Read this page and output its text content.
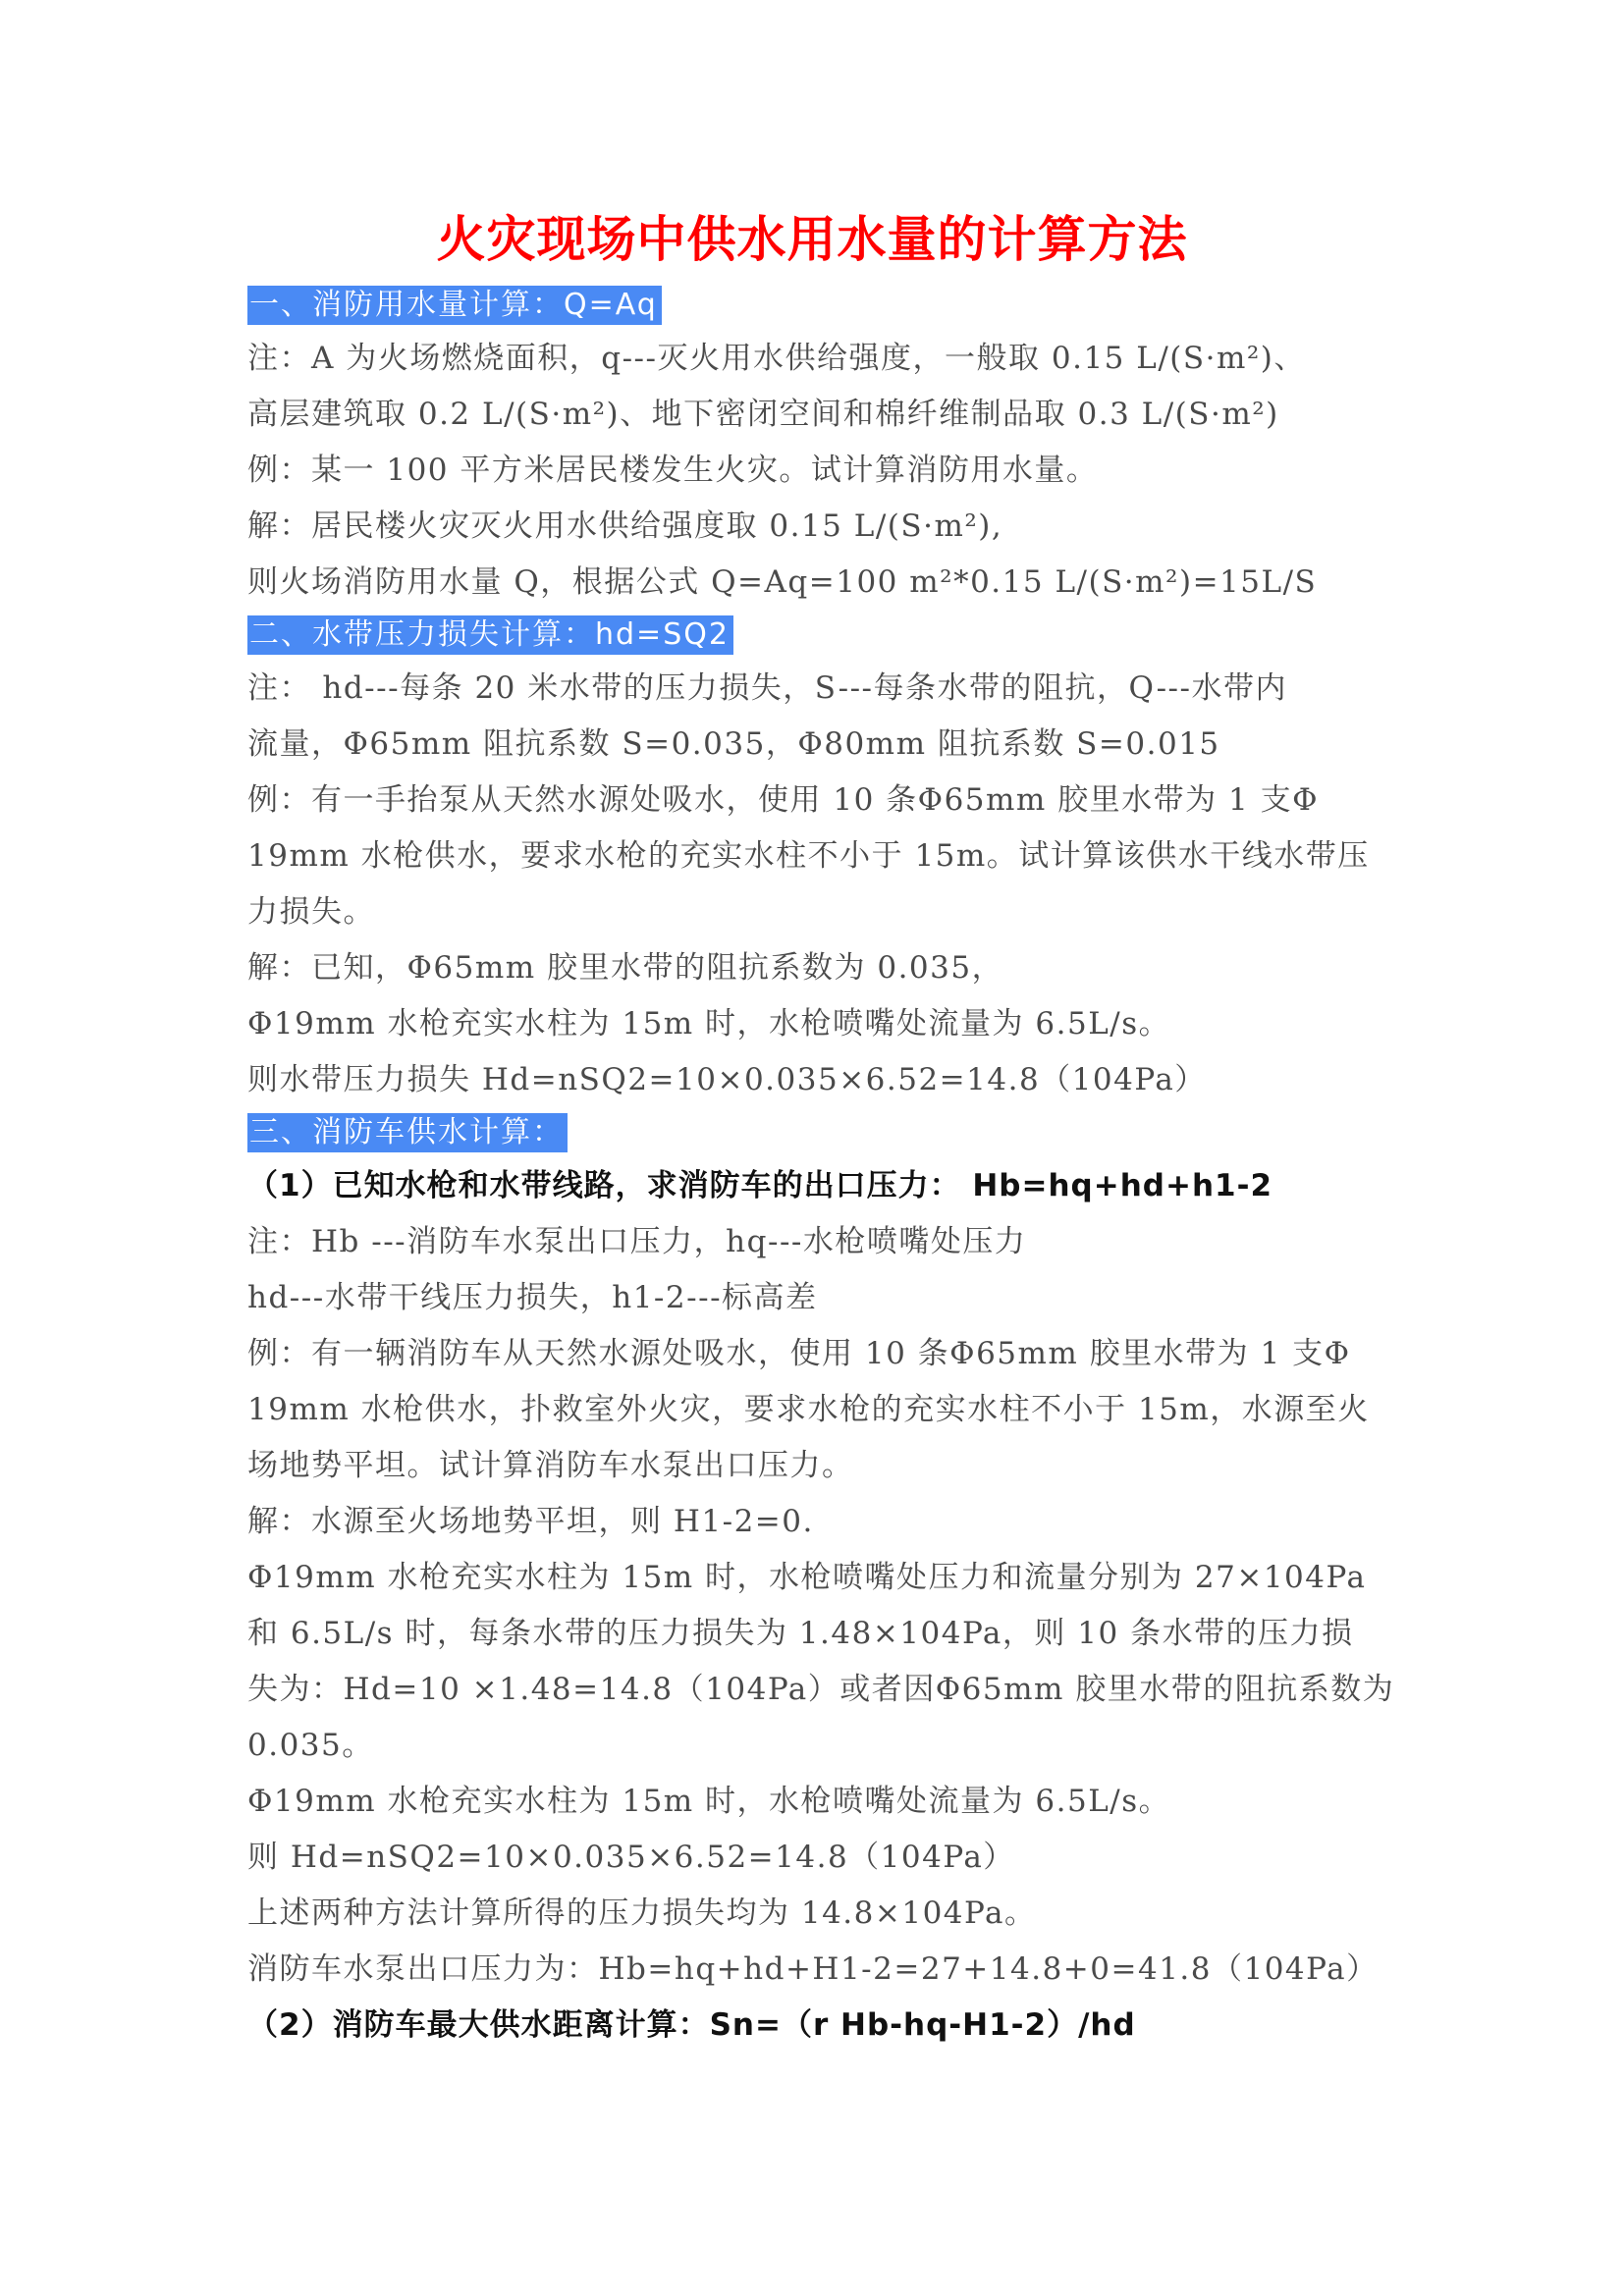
火灾现场中供水用水量的计算方法
一、消防用水量计算：Q=Aq
注：A 为火场燃烧面积，q---灭火用水供给强度，一般取 0.15 L/(S·m²)、
高层建筑取 0.2 L/(S·m²)、地下密闭空间和棉纤维制品取 0.3 L/(S·m²)
例：某一 100 平方米居民楼发生火灾。试计算消防用水量。
解：居民楼火灾灭火用水供给强度取 0.15 L/(S·m²),
则火场消防用水量 Q，根据公式 Q=Aq=100 m²*0.15 L/(S·m²)=15L/S
二、水带压力损失计算：hd=SQ2
注： hd---每条 20 米水带的压力损失，S---每条水带的阻抗，Q---水带内
流量，Φ65mm 阻抗系数 S=0.035，Φ80mm 阻抗系数 S=0.015
例：有一手抬泵从天然水源处吸水，使用 10 条Φ65mm 胶里水带为 1 支Φ
19mm 水枪供水，要求水枪的充实水柱不小于 15m。试计算该供水干线水带压
力损失。
解：已知，Φ65mm 胶里水带的阻抗系数为 0.035，
Φ19mm 水枪充实水柱为 15m 时，水枪喷嘴处流量为 6.5L/s。
则水带压力损失 Hd=nSQ2=10×0.035×6.52=14.8（104Pa）
三、消防车供水计算：
（1）已知水枪和水带线路，求消防车的出口压力： Hb=hq+hd+h1-2
注：Hb ---消防车水泵出口压力，hq---水枪喷嘴处压力
hd---水带干线压力损失，h1-2---标高差
例：有一辆消防车从天然水源处吸水，使用 10 条Φ65mm 胶里水带为 1 支Φ
19mm 水枪供水，扑救室外火灾，要求水枪的充实水柱不小于 15m，水源至火
场地势平坦。试计算消防车水泵出口压力。
解：水源至火场地势平坦，则 H1-2=0.
Φ19mm 水枪充实水柱为 15m 时，水枪喷嘴处压力和流量分别为 27×104Pa
和 6.5L/s 时，每条水带的压力损失为 1.48×104Pa，则 10 条水带的压力损
失为：Hd=10 ×1.48=14.8（104Pa）或者因Φ65mm 胶里水带的阻抗系数为
0.035。
Φ19mm 水枪充实水柱为 15m 时，水枪喷嘴处流量为 6.5L/s。
则 Hd=nSQ2=10×0.035×6.52=14.8（104Pa）
上述两种方法计算所得的压力损失均为 14.8×104Pa。
消防车水泵出口压力为：Hb=hq+hd+H1-2=27+14.8+0=41.8（104Pa）
（2）消防车最大供水距离计算：Sn=（r Hb-hq-H1-2）/hd
